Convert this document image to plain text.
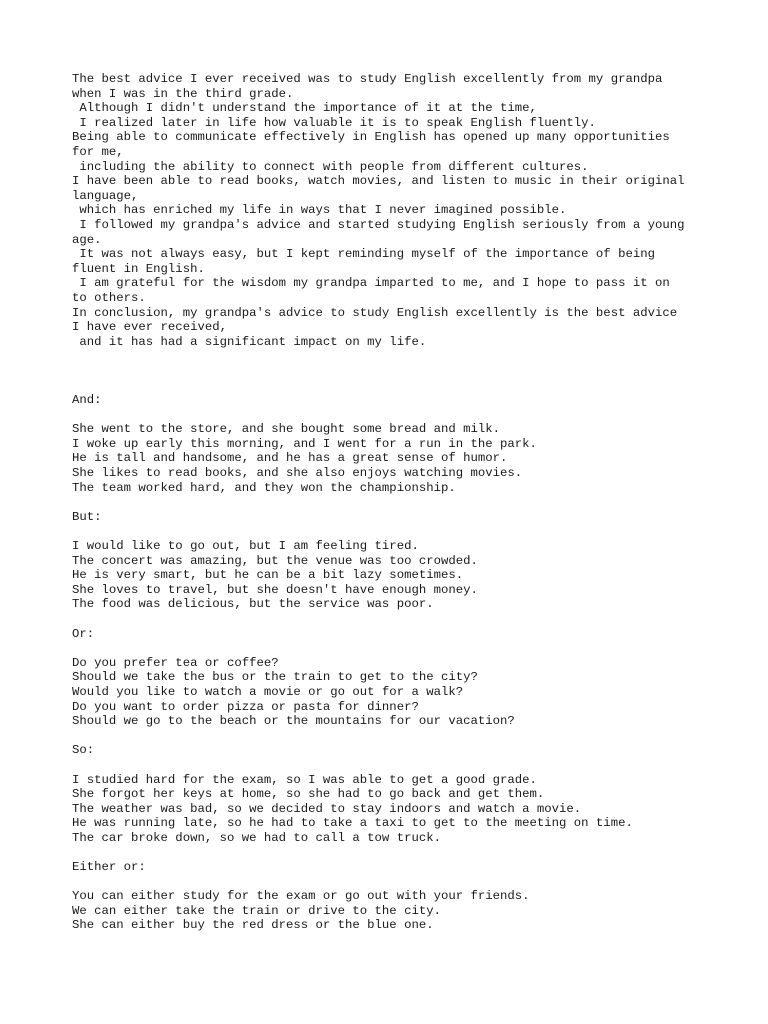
The best advice I ever received was to study English excellently from my grandpa
when I was in the third grade.
Although I didn't understand the importance of it at the time,
I realized later in life how valuable it is to speak English fluently.
Being able to communicate effectively in English has opened up many opportunities
for me,
including the ability to connect with people from different cultures.
I have been able to read books, watch movies, and listen to music in their original
language,
which has enriched my life in ways that I never imagined possible.
I followed my grandpa's advice and started studying English seriously from a young
age.
It was not always easy, but I kept reminding myself of the importance of being
fluent in English.
I am grateful for the wisdom my grandpa imparted to me, and I hope to pass it on
to others.
In conclusion, my grandpa's advice to study English excellently is the best advice
I have ever received,
and it has had a significant impact on my life.
And:
She went to the store, and she bought some bread and milk.
I woke up early this morning, and I went for a run in the park.
He is tall and handsome, and he has a great sense of humor.
She likes to read books, and she also enjoys watching movies.
The team worked hard, and they won the championship.
But:
I would like to go out, but I am feeling tired.
The concert was amazing, but the venue was too crowded.
He is very smart, but he can be a bit lazy sometimes.
She loves to travel, but she doesn't have enough money.
The food was delicious, but the service was poor.
Or:
Do you prefer tea or coffee?
Should we take the bus or the train to get to the city?
Would you like to watch a movie or go out for a walk?
Do you want to order pizza or pasta for dinner?
Should we go to the beach or the mountains for our vacation?
So:
I studied hard for the exam, so I was able to get a good grade.
She forgot her keys at home, so she had to go back and get them.
The weather was bad, so we decided to stay indoors and watch a movie.
He was running late, so he had to take a taxi to get to the meeting on time.
The car broke down, so we had to call a tow truck.
Either or:
You can either study for the exam or go out with your friends.
We can either take the train or drive to the city.
She can either buy the red dress or the blue one.
